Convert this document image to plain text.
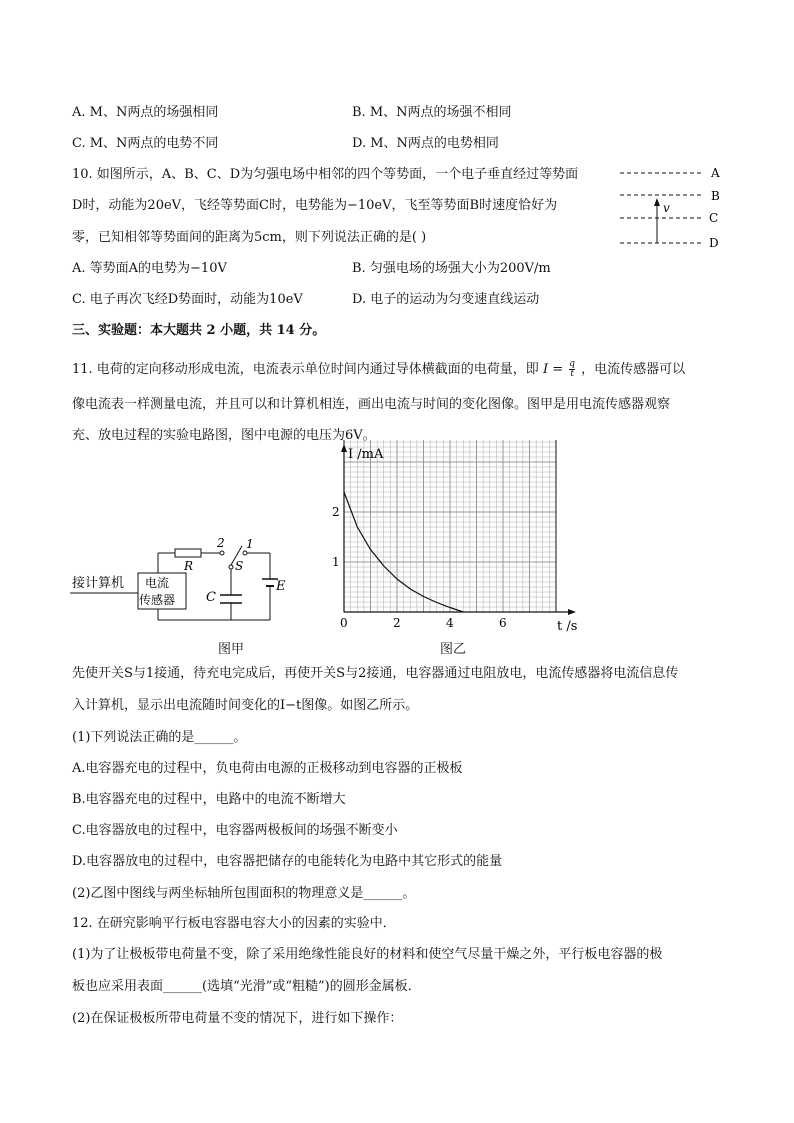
A. M、N两点的场强相同	B. M、N两点的场强不相同
C. M、N两点的电势不同	D. M、N两点的电势相同
10. 如图所示，A、B、C、D为匀强电场中相邻的四个等势面，一个电子垂直经过等势面
D时，动能为20eV，飞经等势面C时，电势能为−10eV，飞至等势面B时速度恰好为
零，已知相邻等势面间的距离为5cm，则下列说法正确的是( )
A. 等势面A的电势为−10V	B. 匀强电场的场强大小为200V/m
C. 电子再次飞经D势面时，动能为10eV	D. 电子的运动为匀变速直线运动
v
A
B
C
D
三、实验题：本大题共 2 小题，共 14 分。
11. 电荷的定向移动形成电流，电流表示单位时间内通过导体横截面的电荷量，即 $I = \frac{q}{t}$ ，电流传感器可以
像电流表一样测量电流，并且可以和计算机相连，画出电流与时间的变化图像。图甲是用电流传感器观察
充、放电过程的实验电路图，图中电源的电压为6V。
2 1
R	S
C
E
接计算机 电流
传感器
图甲
I /mA
t /s
0	2	4	6
1
2
图乙
先使开关S与1接通，待充电完成后，再使开关S与2接通，电容器通过电阻放电，电流传感器将电流信息传
入计算机，显示出电流随时间变化的I−t图像。如图乙所示。
(1)下列说法正确的是______。
A.电容器充电的过程中，负电荷由电源的正极移动到电容器的正极板
B.电容器充电的过程中，电路中的电流不断增大
C.电容器放电的过程中，电容器两极板间的场强不断变小
D.电容器放电的过程中，电容器把储存的电能转化为电路中其它形式的能量
(2)乙图中图线与两坐标轴所包围面积的物理意义是______。
12. 在研究影响平行板电容器电容大小的因素的实验中．
(1)为了让极板带电荷量不变，除了采用绝缘性能良好的材料和使空气尽量干燥之外，平行板电容器的极
板也应采用表面______(选填“光滑”或“粗糙”)的圆形金属板．
(2)在保证极板所带电荷量不变的情况下，进行如下操作：
